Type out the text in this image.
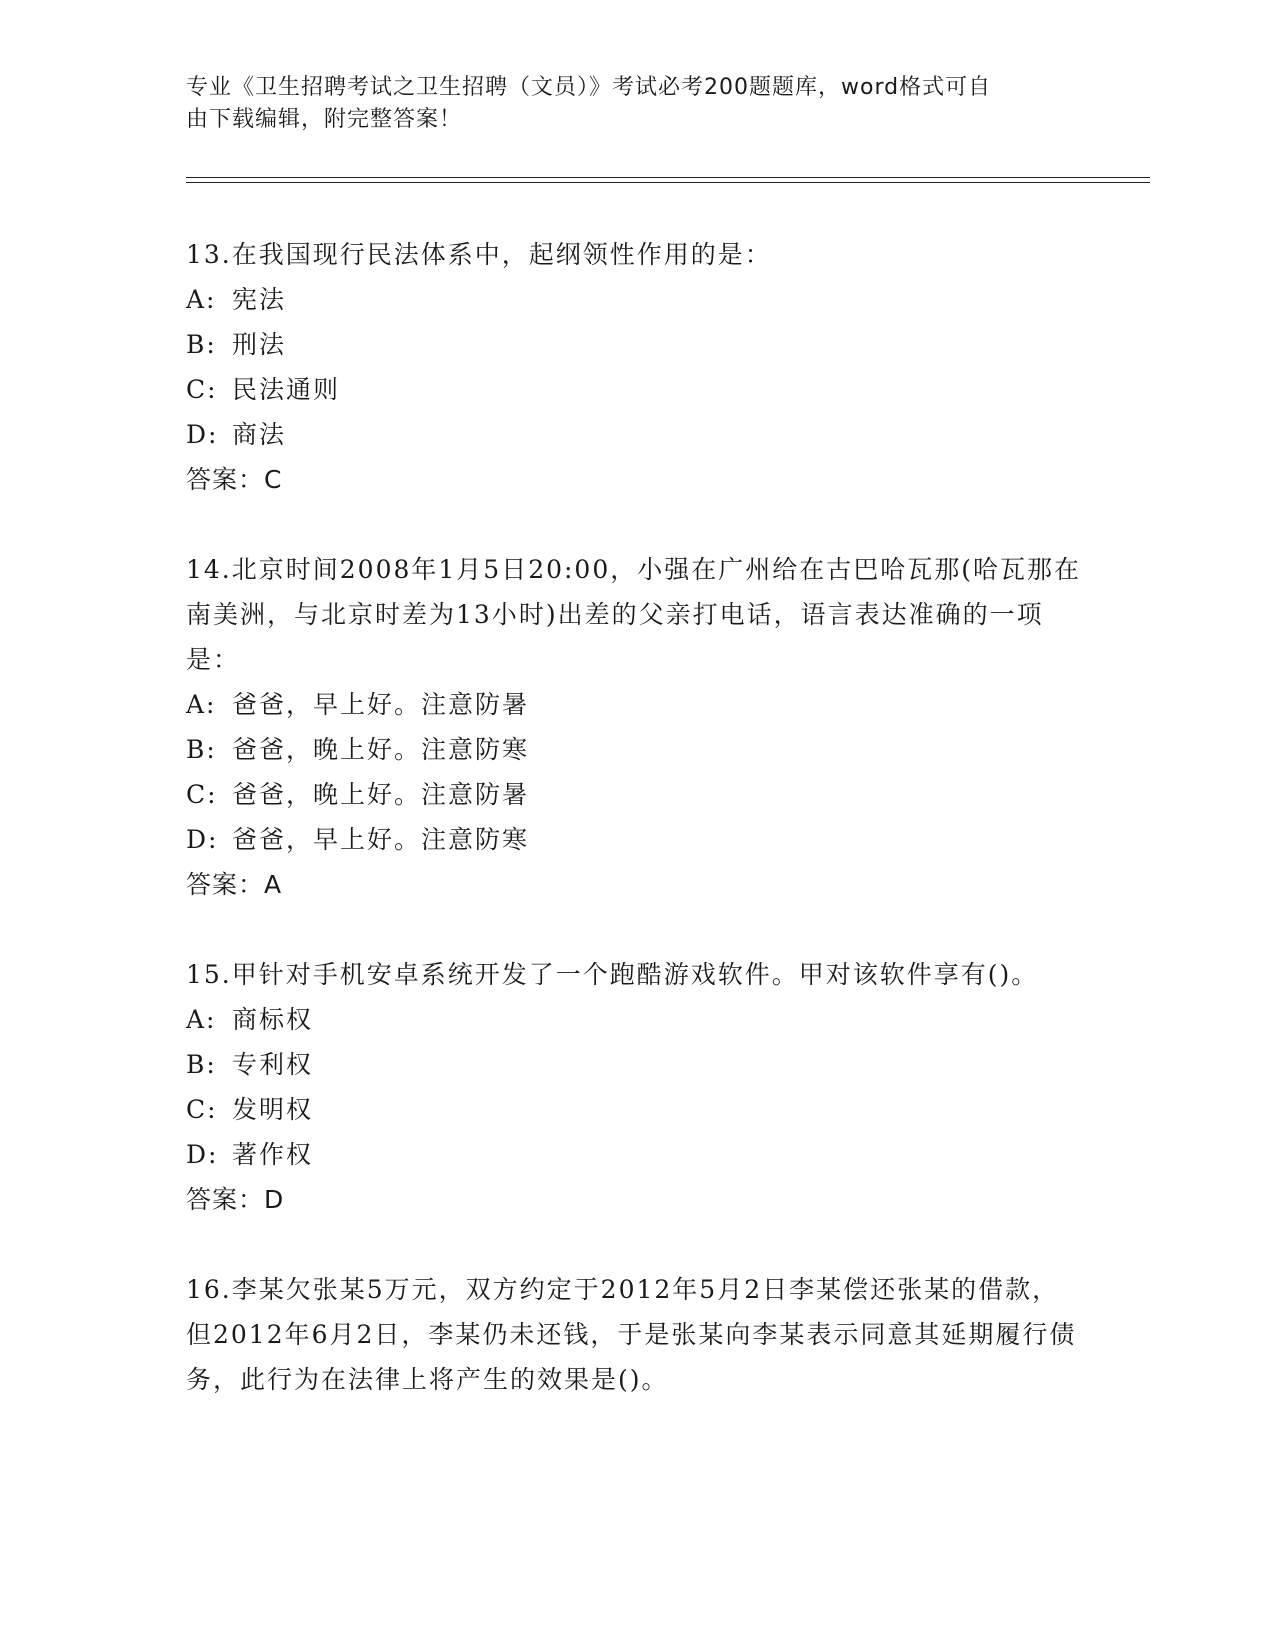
专业《卫生招聘考试之卫生招聘（文员）》考试必考200题题库，word格式可自
由下载编辑，附完整答案！

13.在我国现行民法体系中，起纲领性作用的是：

A: 宪法

B: 刑法

C: 民法通则

D: 商法

答案：C

14.北京时间2008年1月5日20:00，小强在广州给在古巴哈瓦那(哈瓦那在南美洲，与北京时差为13小时)出差的父亲打电话，语言表达准确的一项是：

A: 爸爸，早上好。注意防暑

B: 爸爸，晚上好。注意防寒

C: 爸爸，晚上好。注意防暑

D: 爸爸，早上好。注意防寒

答案：A

15.甲针对手机安卓系统开发了一个跑酷游戏软件。甲对该软件享有()。

A: 商标权

B: 专利权

C: 发明权

D: 著作权

答案：D

16.李某欠张某5万元，双方约定于2012年5月2日李某偿还张某的借款，但2012年6月2日，李某仍未还钱，于是张某向李某表示同意其延期履行债务，此行为在法律上将产生的效果是()。
